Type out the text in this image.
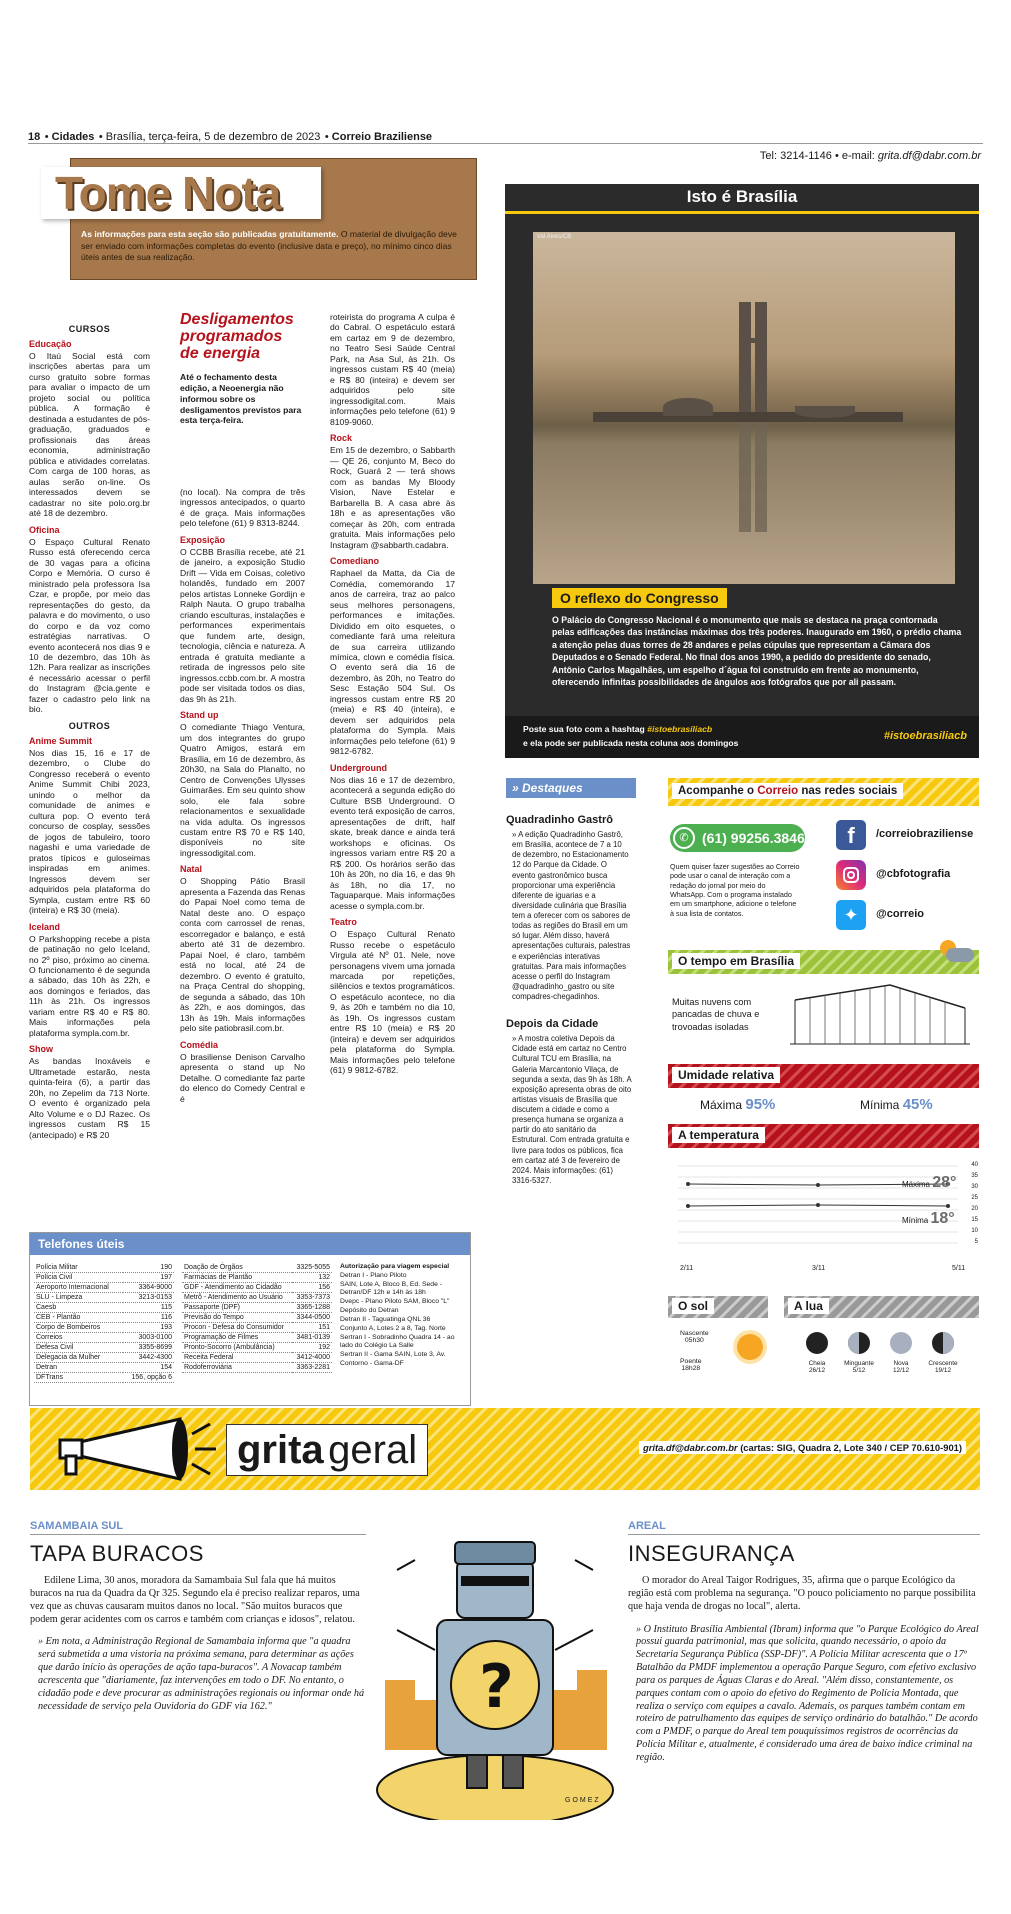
18 • Cidades • Brasília, terça-feira, 5 de dezembro de 2023 • Correio Braziliense
Tel: 3214-1146 • e-mail: grita.df@dabr.com.br
Tome Nota
As informações para esta seção são publicadas gratuitamente. O material de divulgação deve ser enviado com informações completas do evento (inclusive data e preço), no mínimo cinco dias úteis antes de sua realização.
CURSOS
Educação

O Itaú Social está com inscrições abertas para um curso gratuito sobre formas para avaliar o impacto de um projeto social ou política pública. A formação é destinada a estudantes de pós-graduação, graduados e profissionais das áreas economia, administração pública e atividades correlatas. Com carga de 100 horas, as aulas serão on-line. Os interessados devem se cadastrar no site polo.org.br até 18 de dezembro.

Oficina

O Espaço Cultural Renato Russo está oferecendo cerca de 30 vagas para a oficina Corpo e Memória. O curso é ministrado pela professora Isa Czar, e propõe, por meio das representações do gesto, da palavra e do movimento, o uso do corpo e da voz como estratégias narrativas. O evento acontecerá nos dias 9 e 10 de dezembro, das 10h às 12h. Para realizar as inscrições é necessário acessar o perfil do Instagram @cia.gente e fazer o cadastro pelo link na bio.

OUTROS
Anime Summit

Nos dias 15, 16 e 17 de dezembro, o Clube do Congresso receberá o evento Anime Summit Chibi 2023, unindo o melhor da comunidade de animes e cultura pop. O evento terá concurso de cosplay, sessões de jogos de tabuleiro, tooro nagashi e uma variedade de pratos típicos e guloseimas inspiradas em animes. Ingressos devem ser adquiridos pela plataforma do Sympla, custam entre R$ 60 (inteira) e R$ 30 (meia).

Iceland

O Parkshopping recebe a pista de patinação no gelo Iceland, no 2º piso, próximo ao cinema. O funcionamento é de segunda a sábado, das 10h às 22h, e aos domingos e feriados, das 11h às 21h. Os ingressos variam entre R$ 40 e R$ 80. Mais informações pela plataforma sympla.com.br.

Show

As bandas Inoxáveis e Ultrametade estarão, nesta quinta-feira (6), a partir das 20h, no Zepelim da 713 Norte. O evento é organizado pela Alto Volume e o DJ Razec. Os ingressos custam R$ 15 (antecipado) e R$ 20

Desligamentos programados de energia
Até o fechamento desta edição, a Neoenergia não informou sobre os desligamentos previstos para esta terça-feira.

(no local). Na compra de três ingressos antecipados, o quarto é de graça. Mais informações pelo telefone (61) 9 8313-8244.

Exposição

O CCBB Brasília recebe, até 21 de janeiro, a exposição Studio Drift — Vida em Coisas, coletivo holandês, fundado em 2007 pelos artistas Lonneke Gordijn e Ralph Nauta. O grupo trabalha criando esculturas, instalações e performances experimentais que fundem arte, design, tecnologia, ciência e natureza. A entrada é gratuita mediante a retirada de ingressos pelo site ingressos.ccbb.com.br. A mostra pode ser visitada todos os dias, das 9h às 21h.

Stand up

O comediante Thiago Ventura, um dos integrantes do grupo Quatro Amigos, estará em Brasília, em 16 de dezembro, às 20h30, na Sala do Planalto, no Centro de Convenções Ulysses Guimarães. Em seu quinto show solo, ele fala sobre relacionamentos e sexualidade na vida adulta. Os ingressos custam entre R$ 70 e R$ 140, disponíveis no site ingressodigital.com.

Natal

O Shopping Pátio Brasil apresenta a Fazenda das Renas do Papai Noel como tema de Natal deste ano. O espaço conta com carrossel de renas, escorregador e balanço, e está aberto até 31 de dezembro. Papai Noel, é claro, também está no local, até 24 de dezembro. O evento é gratuito, na Praça Central do shopping, de segunda a sábado, das 10h às 22h, e aos domingos, das 13h às 19h. Mais informações pelo site patiobrasil.com.br.

Comédia

O brasiliense Denison Carvalho apresenta o stand up No Detalhe. O comediante faz parte do elenco do Comedy Central e é

roteirista do programa A culpa é do Cabral. O espetáculo estará em cartaz em 9 de dezembro, no Teatro Sesi Saúde Central Park, na Asa Sul, às 21h. Os ingressos custam R$ 40 (meia) e R$ 80 (inteira) e devem ser adquiridos pelo site ingressodigital.com. Mais informações pelo telefone (61) 9 8109-9060.

Rock

Em 15 de dezembro, o Sabbarth — QE 26, conjunto M, Beco do Rock, Guará 2 — terá shows com as bandas My Bloody Vision, Nave Estelar e Barbarella B. A casa abre às 18h e as apresentações vão começar às 20h, com entrada gratuita. Mais informações pelo Instagram @sabbarth.cadabra.

Comediano

Raphael da Matta, da Cia de Comédia, comemorando 17 anos de carreira, traz ao palco seus melhores personagens, performances e imitações. Dividido em oito esquetes, o comediante fará uma releitura de sua carreira utilizando mímica, clown e comédia física. O evento será dia 16 de dezembro, às 20h, no Teatro do Sesc Estação 504 Sul. Os ingressos custam entre R$ 20 (meia) e R$ 40 (inteira), e devem ser adquiridos pela plataforma do Sympla. Mais informações pelo telefone (61) 9 9812-6782.

Underground

Nos dias 16 e 17 de dezembro, acontecerá a segunda edição do Culture BSB Underground. O evento terá exposição de carros, apresentações de drift, half skate, break dance e ainda terá workshops e oficinas. Os ingressos variam entre R$ 20 a R$ 200. Os horários serão das 10h às 20h, no dia 16, e das 9h às 18h, no dia 17, no Taguaparque. Mais informações acesse o sympla.com.br.

Teatro

O Espaço Cultural Renato Russo recebe o espetáculo Virgula até Nº 01. Nele, nove personagens vivem uma jornada marcada por repetições, silêncios e textos programáticos. O espetáculo acontece, no dia 9, às 20h e também no dia 10, às 19h. Os ingressos custam entre R$ 10 (meia) e R$ 20 (inteira) e devem ser adquiridos pela plataforma do Sympla. Mais informações pelo telefone (61) 9 9812-6782.

Telefones úteis
Polícia Militar	190
Polícia Civil	197
Aeroporto Internacional	3364-9000
SLU - Limpeza	3213-0153
Caesb	115
CEB - Plantão	116
Corpo de Bombeiros	193
Correios	3003-0100
Defesa Civil	3355-8699
Delegacia da Mulher	3442-4300
Detran	154
DFTrans	156, opção 6
Doação de Órgãos	3325-5055
Farmácias de Plantão	132
GDF - Atendimento ao Cidadão	156
Metrô - Atendimento ao Usuário	3353-7373
Passaporte (DPF)	3365-1288
Previsão do Tempo	3344-0500
Procon - Defesa do Consumidor	151
Programação de Filmes	3481-0139
Pronto-Socorro (Ambulância)	192
Receita Federal	3412-4000
Rodoferroviária	3363-2281
Autorização para viagem especial
Detran I - Plano Piloto
SAIN, Lote A, Bloco B, Ed. Sede - Detran/DF 12h e 14h às 18h
Dvepc - Plano Piloto SAM, Bloco "L" Depósito do Detran
Detran II - Taguatinga QNL 36
Conjunto A, Lotes 2 a 8, Tag. Norte
Sertran I - Sobradinho Quadra 14 - ao lado do Colégio La Salle
Sertran II - Gama SAIN, Lote 3, Av. Contorno - Gama-DF
Isto é Brasília
Val Alves/CB
O reflexo do Congresso
O Palácio do Congresso Nacional é o monumento que mais se destaca na praça contornada pelas edificações das instâncias máximas dos três poderes. Inaugurado em 1960, o prédio chama a atenção pelas duas torres de 28 andares e pelas cúpulas que representam a Câmara dos Deputados e o Senado Federal. No final dos anos 1990, a pedido do presidente do senado, Antônio Carlos Magalhães, um espelho d´água foi construído em frente ao monumento, oferecendo infinitas possibilidades de ângulos aos fotógrafos que por ali passam.
Poste sua foto com a hashtag #istoebrasiliacb
e ela pode ser publicada nesta coluna aos domingos
#istoebrasiliacb
» Destaques
Quadradinho Gastrô

» A edição Quadradinho Gastrô, em Brasília, acontece de 7 a 10 de dezembro, no Estacionamento 12 do Parque da Cidade. O evento gastronômico busca proporcionar uma experiência diferente de iguarias e a diversidade culinária que Brasília tem a oferecer com os sabores de todas as regiões do Brasil em um só lugar. Além disso, haverá apresentações culturais, palestras e experiências interativas gratuitas. Para mais informações acesse o perfil do Instagram @quadradinho_gastro ou site compadres-chegadinhos.

Depois da Cidade

» A mostra coletiva Depois da Cidade está em cartaz no Centro Cultural TCU em Brasília, na Galeria Marcantonio Vilaça, de segunda a sexta, das 9h às 18h. A exposição apresenta obras de oito artistas visuais de Brasília que discutem a cidade e como a presença humana se organiza a partir do ato sanitário da Estrutural. Com entrada gratuita e livre para todos os públicos, fica em cartaz até 3 de fevereiro de 2024. Mais informações: (61) 3316-5327.

Acompanhe o Correio nas redes sociais
✆ (61) 99256.3846
Quem quiser fazer sugestões ao Correio pode usar o canal de interação com a redação do jornal por meio do WhatsApp. Com o programa instalado em um smartphone, adicione o telefone à sua lista de contatos.
f	/correiobraziliense
@cbfotografia
✦	@correio
O tempo em Brasília
Muitas nuvens com pancadas de chuva e trovoadas isoladas
Umidade relativa
Máxima 95%	Mínima 45%
A temperatura
40
35
30
25
20
15
10
5
Máxima 28°
Mínima 18°
2/11	3/11	5/11
O sol
Nascente
05h30
Poente
18h28
A lua
Cheia
26/12
Minguante
5/12
Nova
12/12
Crescente
19/12
grita geral	grita.df@dabr.com.br (cartas: SIG, Quadra 2, Lote 340 / CEP 70.610-901)
SAMAMBAIA SUL
TAPA BURACOS

Edilene Lima, 30 anos, moradora da Samambaia Sul fala que há muitos buracos na rua da Quadra da Qr 325. Segundo ela é preciso realizar reparos, uma vez que as chuvas causaram muitos danos no local. "São muitos buracos que podem gerar acidentes com os carros e também com crianças e idosos", relatou.

» Em nota, a Administração Regional de Samambaia informa que "a quadra será submetida a uma vistoria na próxima semana, para determinar as ações que darão início às operações de ação tapa-buracos". A Novacap também acrescenta que "diariamente, faz intervenções em todo o DF. No entanto, o cidadão pode e deve procurar as administrações regionais ou informar onde há necessidade de serviço pela Ouvidoria do GDF via 162."	?
GOMEZ
AREAL
INSEGURANÇA

O morador do Areal Taigor Rodrigues, 35, afirma que o parque Ecológico da região está com problema na segurança. "O pouco policiamento no parque possibilita que haja venda de drogas no local", alerta.

» O Instituto Brasília Ambiental (Ibram) informa que "o Parque Ecológico do Areal possui guarda patrimonial, mas que solicita, quando necessário, o apoio da Secretaria Segurança Pública (SSP-DF)". A Polícia Militar acrescenta que o 17º Batalhão da PMDF implementou a operação Parque Seguro, com efetivo exclusivo para os parques de Águas Claras e do Areal. "Além disso, constantemente, os parques contam com o apoio do efetivo do Regimento de Polícia Montada, que realiza o serviço com equipes a cavalo. Ademais, os parques também contam em roteiro de patrulhamento das equipes de serviço ordinário do batalhão." De acordo com a PMDF, o parque do Areal tem pouquíssimos registros de ocorrências da Polícia Militar e, atualmente, é considerado uma área de baixo índice criminal na região.
